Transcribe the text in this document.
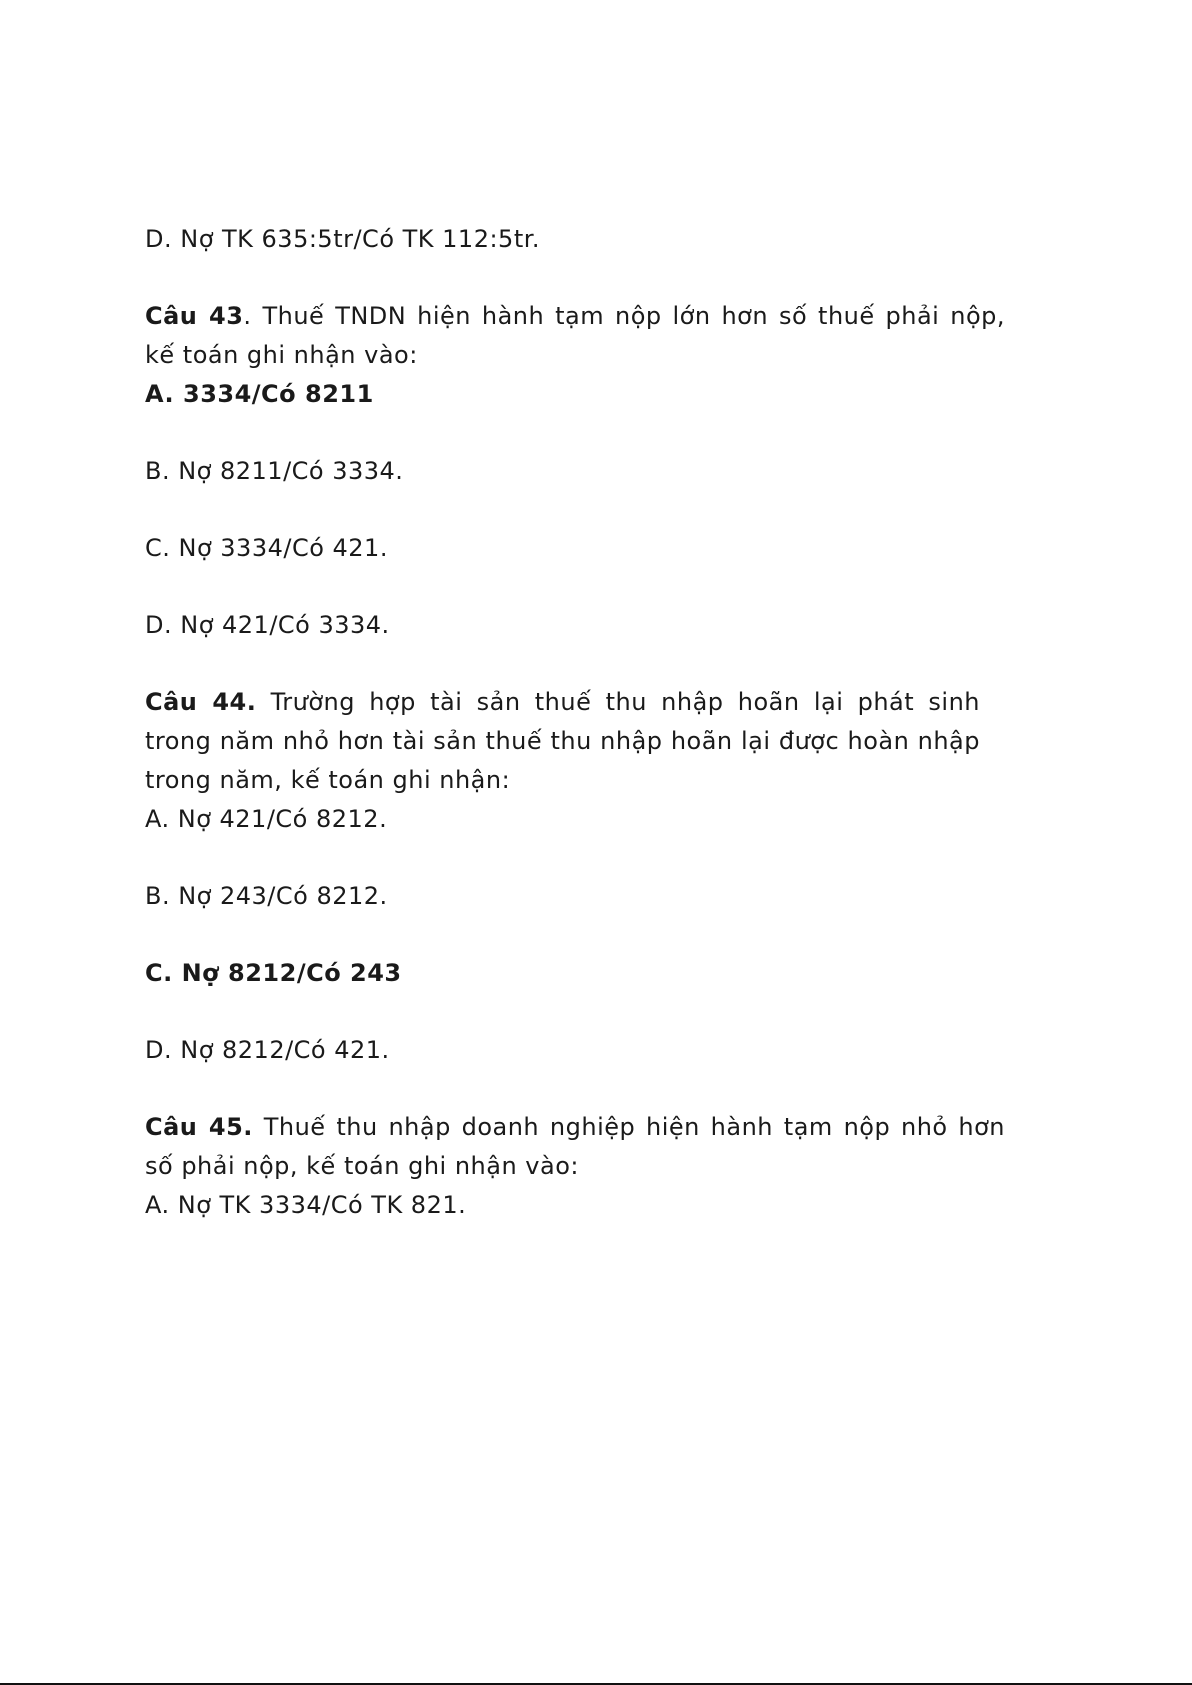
D. Nợ TK 635:5tr/Có TK 112:5tr.

Câu 43. Thuế TNDN hiện hành tạm nộp lớn hơn số thuế phải nộp, kế toán ghi nhận vào:

A. 3334/Có 8211

B. Nợ 8211/Có 3334.

C. Nợ 3334/Có 421.

D. Nợ 421/Có 3334.

Câu 44. Trường hợp tài sản thuế thu nhập hoãn lại phát sinh trong năm nhỏ hơn tài sản thuế thu nhập hoãn lại được hoàn nhập trong năm, kế toán ghi nhận:

A. Nợ 421/Có 8212.

B. Nợ 243/Có 8212.

C. Nợ 8212/Có 243

D. Nợ 8212/Có 421.

Câu 45. Thuế thu nhập doanh nghiệp hiện hành tạm nộp nhỏ hơn số phải nộp, kế toán ghi nhận vào:

A. Nợ TK 3334/Có TK 821.
